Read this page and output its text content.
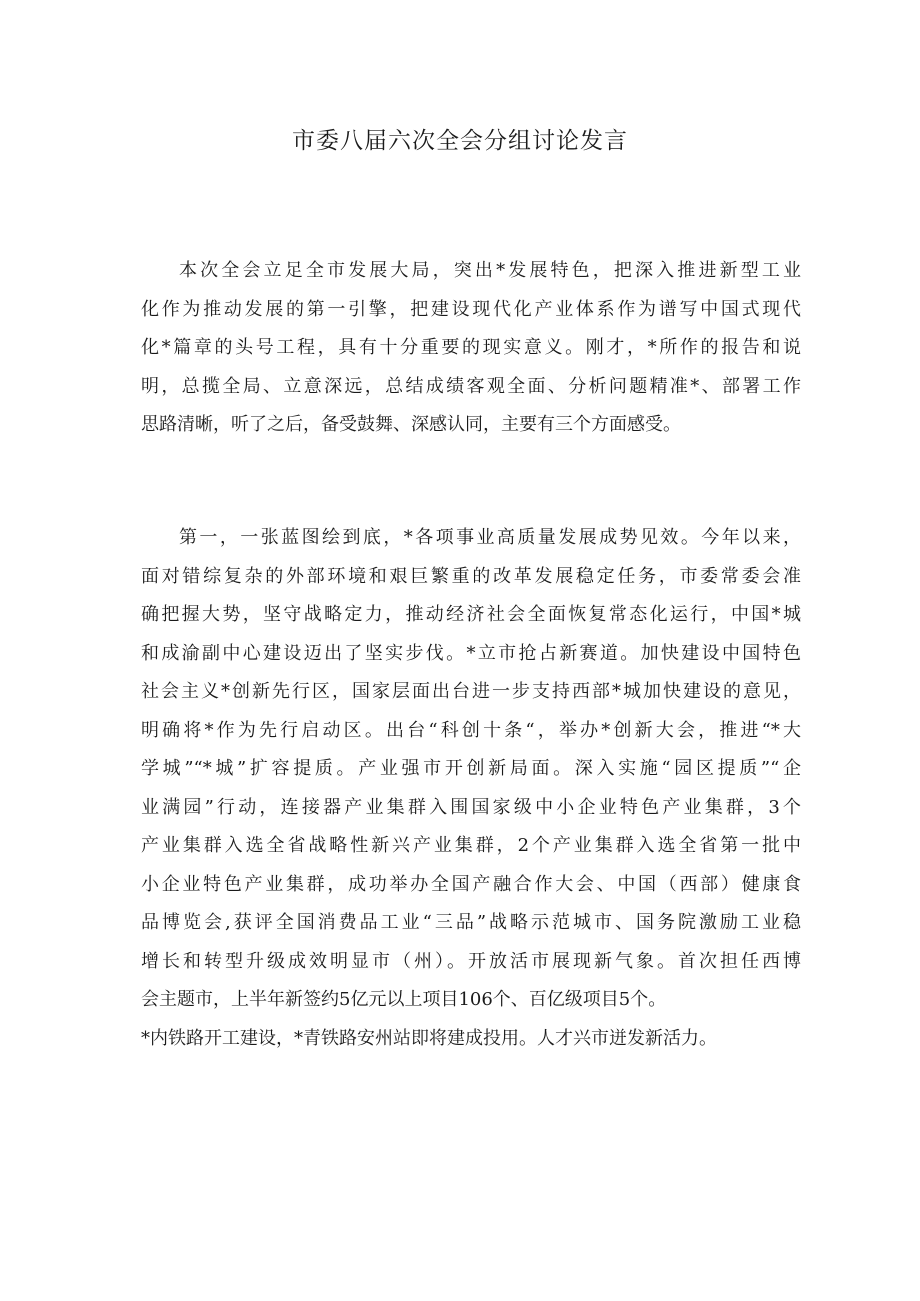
市委八届六次全会分组讨论发言
本次全会立足全市发展大局，突出*发展特色，把深入推进新型工业
化作为推动发展的第一引擎，把建设现代化产业体系作为谱写中国式现代
化*篇章的头号工程，具有十分重要的现实意义。刚才，*所作的报告和说
明，总揽全局、立意深远，总结成绩客观全面、分析问题精准*、部署工作
思路清晰，听了之后，备受鼓舞、深感认同，主要有三个方面感受。
第一，一张蓝图绘到底，*各项事业高质量发展成势见效。今年以来，
面对错综复杂的外部环境和艰巨繁重的改革发展稳定任务，市委常委会准
确把握大势，坚守战略定力，推动经济社会全面恢复常态化运行，中国*城
和成渝副中心建设迈出了坚实步伐。*立市抢占新赛道。加快建设中国特色
社会主义*创新先行区，国家层面出台进一步支持西部*城加快建设的意见，
明确将*作为先行启动区。出台“科创十条“，举办*创新大会，推进“*大
学城”“*城”扩容提质。产业强市开创新局面。深入实施“园区提质”“企
业满园”行动，连接器产业集群入围国家级中小企业特色产业集群，3个
产业集群入选全省战略性新兴产业集群，2个产业集群入选全省第一批中
小企业特色产业集群，成功举办全国产融合作大会、中国（西部）健康食
品博览会,获评全国消费品工业“三品”战略示范城市、国务院激励工业稳
增长和转型升级成效明显市（州）。开放活市展现新气象。首次担任西博
会主题市，上半年新签约5亿元以上项目106个、百亿级项目5个。
*内铁路开工建设，*青铁路安州站即将建成投用。人才兴市迸发新活力。
